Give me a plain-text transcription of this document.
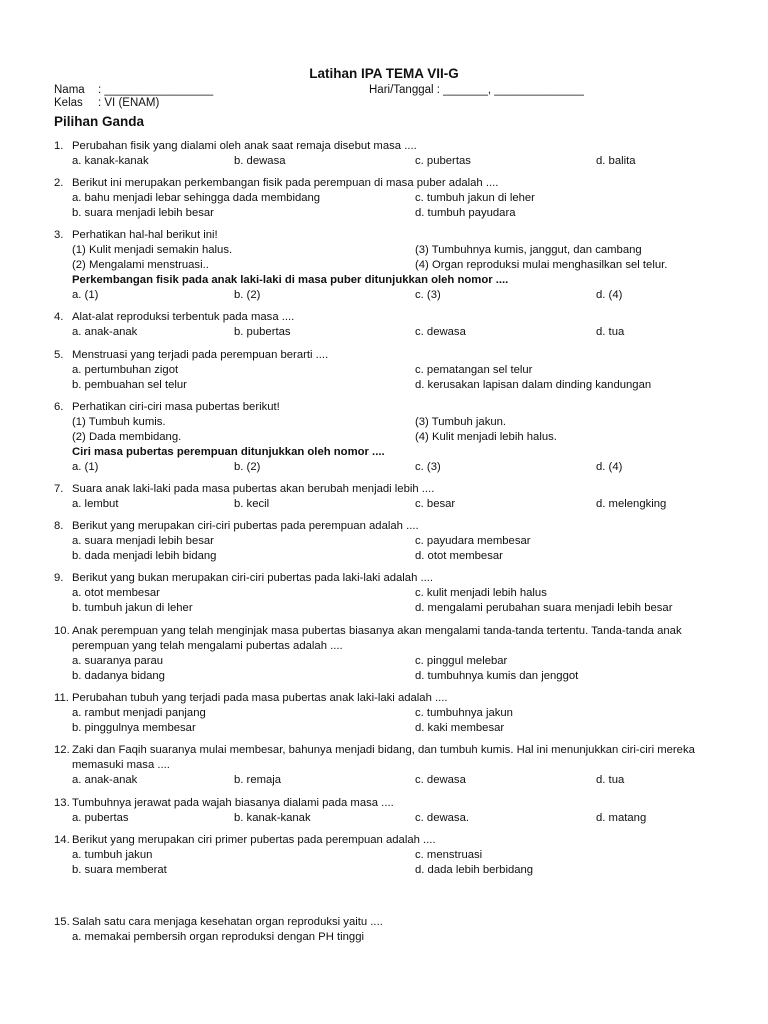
Latihan IPA TEMA VII-G
Nama : _________________	Hari/Tanggal : _______, ______________
Kelas : VI (ENAM)
Pilihan Ganda
1. Perubahan fisik yang dialami oleh anak saat remaja disebut masa ....
a. kanak-kanak	b. dewasa	c. pubertas	d. balita
2. Berikut ini merupakan perkembangan fisik pada perempuan di masa puber adalah ....
a. bahu menjadi lebar sehingga dada membidang	c. tumbuh jakun di leher
b. suara menjadi lebih besar	d. tumbuh payudara
3. Perhatikan hal-hal berikut ini!
(1) Kulit menjadi semakin halus.	(3) Tumbuhnya kumis, janggut, dan cambang
(2) Mengalami menstruasi..	(4) Organ reproduksi mulai menghasilkan sel telur.
Perkembangan fisik pada anak laki-laki di masa puber ditunjukkan oleh nomor ....
a. (1)	b. (2)	c. (3)	d. (4)
4. Alat-alat reproduksi terbentuk pada masa ....
a. anak-anak	b. pubertas	c. dewasa	d. tua
5. Menstruasi yang terjadi pada perempuan berarti ....
a. pertumbuhan zigot	c. pematangan sel telur
b. pembuahan sel telur	d. kerusakan lapisan dalam dinding kandungan
6. Perhatikan ciri-ciri masa pubertas berikut!
(1) Tumbuh kumis.	(3) Tumbuh jakun.
(2) Dada membidang.	(4) Kulit menjadi lebih halus.
Ciri masa pubertas perempuan ditunjukkan oleh nomor ....
a. (1)	b. (2)	c. (3)	d. (4)
7. Suara anak laki-laki pada masa pubertas akan berubah menjadi lebih ....
a. lembut	b. kecil	c. besar	d. melengking
8. Berikut yang merupakan ciri-ciri pubertas pada perempuan adalah ....
a. suara menjadi lebih besar	c. payudara membesar
b. dada menjadi lebih bidang	d. otot membesar
9. Berikut yang bukan merupakan ciri-ciri pubertas pada laki-laki adalah ....
a. otot membesar	c. kulit menjadi lebih halus
b. tumbuh jakun di leher	d. mengalami perubahan suara menjadi lebih besar
10. Anak perempuan yang telah menginjak masa pubertas biasanya akan mengalami tanda-tanda tertentu. Tanda-tanda anak perempuan yang telah mengalami pubertas adalah ....
a. suaranya parau	c. pinggul melebar
b. dadanya bidang	d. tumbuhnya kumis dan jenggot
11. Perubahan tubuh yang terjadi pada masa pubertas anak laki-laki adalah ....
a. rambut menjadi panjang	c. tumbuhnya jakun
b. pinggulnya membesar	d. kaki membesar
12. Zaki dan Faqih suaranya mulai membesar, bahunya menjadi bidang, dan tumbuh kumis. Hal ini menunjukkan ciri-ciri mereka memasuki masa ....
a. anak-anak	b. remaja	c. dewasa	d. tua
13. Tumbuhnya jerawat pada wajah biasanya dialami pada masa ....
a. pubertas	b. kanak-kanak	c. dewasa.	d. matang
14. Berikut yang merupakan ciri primer pubertas pada perempuan adalah ....
a. tumbuh jakun	c. menstruasi
b. suara memberat	d. dada lebih berbidang
15. Salah satu cara menjaga kesehatan organ reproduksi yaitu ....
a. memakai pembersih organ reproduksi dengan PH tinggi
